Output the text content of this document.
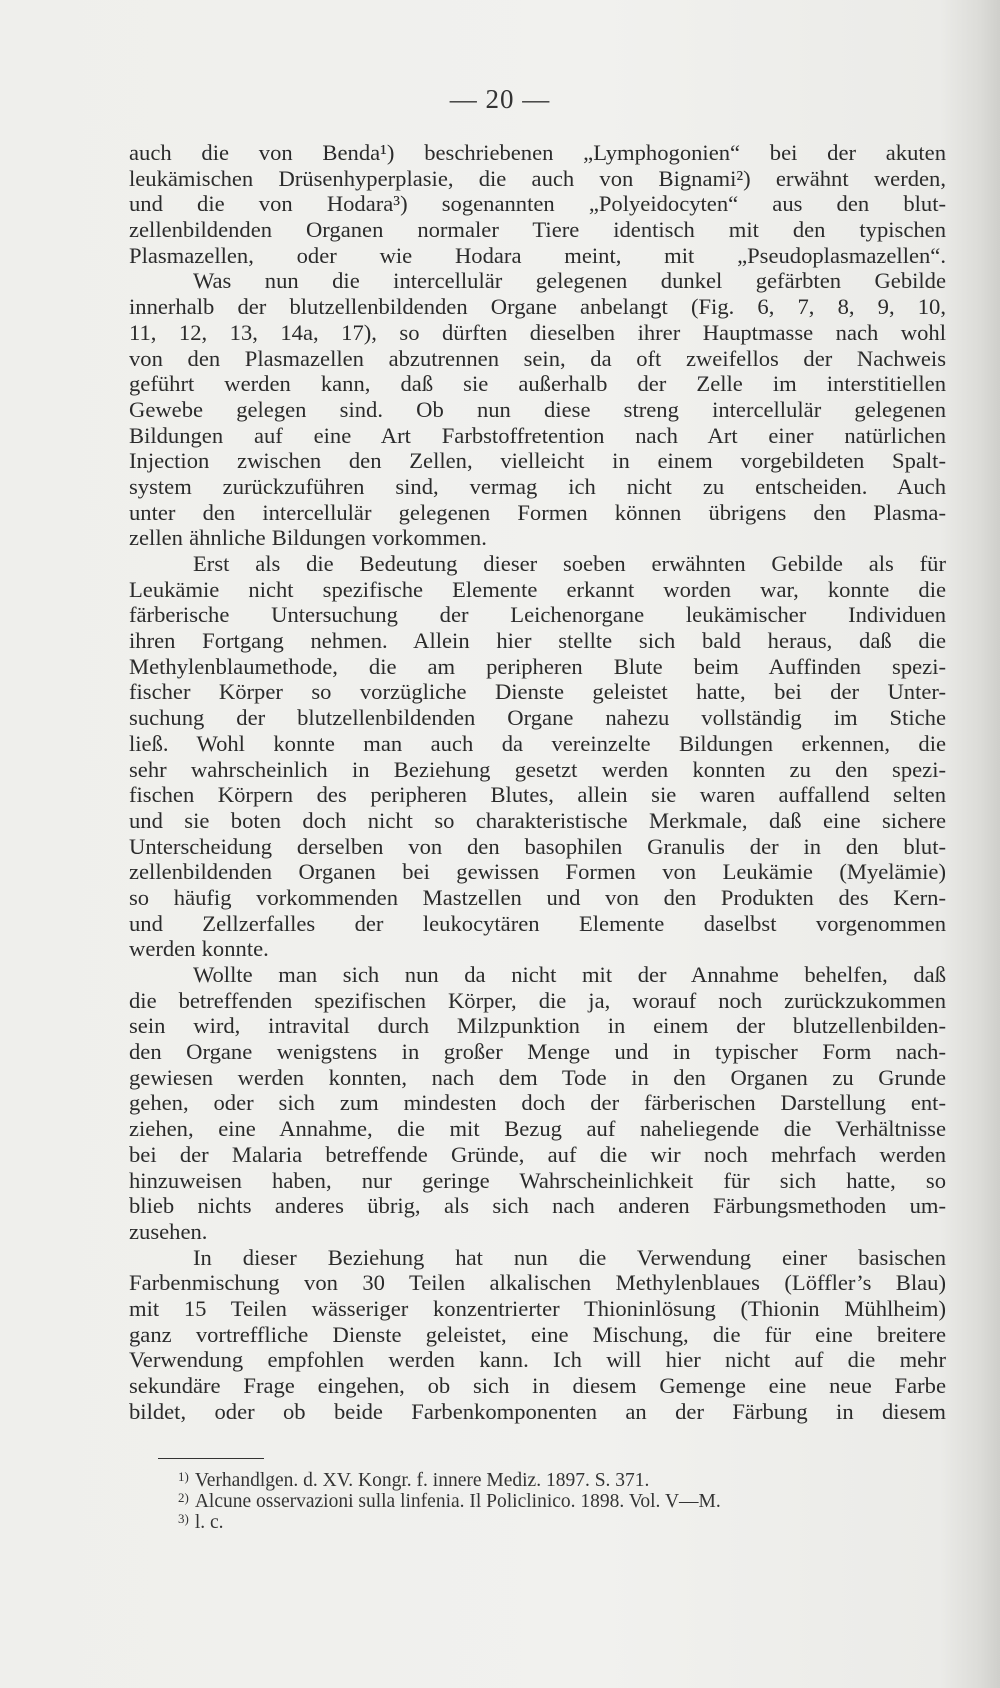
— 20 —
auch die von Benda¹) beschriebenen „Lymphogonien“ bei der akuten
leukämischen Drüsenhyperplasie, die auch von Bignami²) erwähnt werden,
und die von Hodara³) sogenannten „Polyeidocyten“ aus den blut-
zellenbildenden Organen normaler Tiere identisch mit den typischen
Plasmazellen, oder wie Hodara meint, mit „Pseudoplasmazellen“.
Was nun die intercellulär gelegenen dunkel gefärbten Gebilde
innerhalb der blutzellenbildenden Organe anbelangt (Fig. 6, 7, 8, 9, 10,
11, 12, 13, 14a, 17), so dürften dieselben ihrer Hauptmasse nach wohl
von den Plasmazellen abzutrennen sein, da oft zweifellos der Nachweis
geführt werden kann, daß sie außerhalb der Zelle im interstitiellen
Gewebe gelegen sind. Ob nun diese streng intercellulär gelegenen
Bildungen auf eine Art Farbstoffretention nach Art einer natürlichen
Injection zwischen den Zellen, vielleicht in einem vorgebildeten Spalt-
system zurückzuführen sind, vermag ich nicht zu entscheiden. Auch
unter den intercellulär gelegenen Formen können übrigens den Plasma-
zellen ähnliche Bildungen vorkommen.
Erst als die Bedeutung dieser soeben erwähnten Gebilde als für
Leukämie nicht spezifische Elemente erkannt worden war, konnte die
färberische Untersuchung der Leichenorgane leukämischer Individuen
ihren Fortgang nehmen. Allein hier stellte sich bald heraus, daß die
Methylenblaumethode, die am peripheren Blute beim Auffinden spezi-
fischer Körper so vorzügliche Dienste geleistet hatte, bei der Unter-
suchung der blutzellenbildenden Organe nahezu vollständig im Stiche
ließ. Wohl konnte man auch da vereinzelte Bildungen erkennen, die
sehr wahrscheinlich in Beziehung gesetzt werden konnten zu den spezi-
fischen Körpern des peripheren Blutes, allein sie waren auffallend selten
und sie boten doch nicht so charakteristische Merkmale, daß eine sichere
Unterscheidung derselben von den basophilen Granulis der in den blut-
zellenbildenden Organen bei gewissen Formen von Leukämie (Myelämie)
so häufig vorkommenden Mastzellen und von den Produkten des Kern-
und Zellzerfalles der leukocytären Elemente daselbst vorgenommen
werden konnte.
Wollte man sich nun da nicht mit der Annahme behelfen, daß
die betreffenden spezifischen Körper, die ja, worauf noch zurückzukommen
sein wird, intravital durch Milzpunktion in einem der blutzellenbilden-
den Organe wenigstens in großer Menge und in typischer Form nach-
gewiesen werden konnten, nach dem Tode in den Organen zu Grunde
gehen, oder sich zum mindesten doch der färberischen Darstellung ent-
ziehen, eine Annahme, die mit Bezug auf naheliegende die Verhältnisse
bei der Malaria betreffende Gründe, auf die wir noch mehrfach werden
hinzuweisen haben, nur geringe Wahrscheinlichkeit für sich hatte, so
blieb nichts anderes übrig, als sich nach anderen Färbungsmethoden um-
zusehen.
In dieser Beziehung hat nun die Verwendung einer basischen
Farbenmischung von 30 Teilen alkalischen Methylenblaues (Löffler’s Blau)
mit 15 Teilen wässeriger konzentrierter Thioninlösung (Thionin Mühlheim)
ganz vortreffliche Dienste geleistet, eine Mischung, die für eine breitere
Verwendung empfohlen werden kann. Ich will hier nicht auf die mehr
sekundäre Frage eingehen, ob sich in diesem Gemenge eine neue Farbe
bildet, oder ob beide Farbenkomponenten an der Färbung in diesem
$^{1)}$ Verhandlgen. d. XV. Kongr. f. innere Mediz. 1897. S. 371.
$^{2)}$ Alcune osservazioni sulla linfenia. Il Policlinico. 1898. Vol. V—M.
$^{3)}$ l. c.
